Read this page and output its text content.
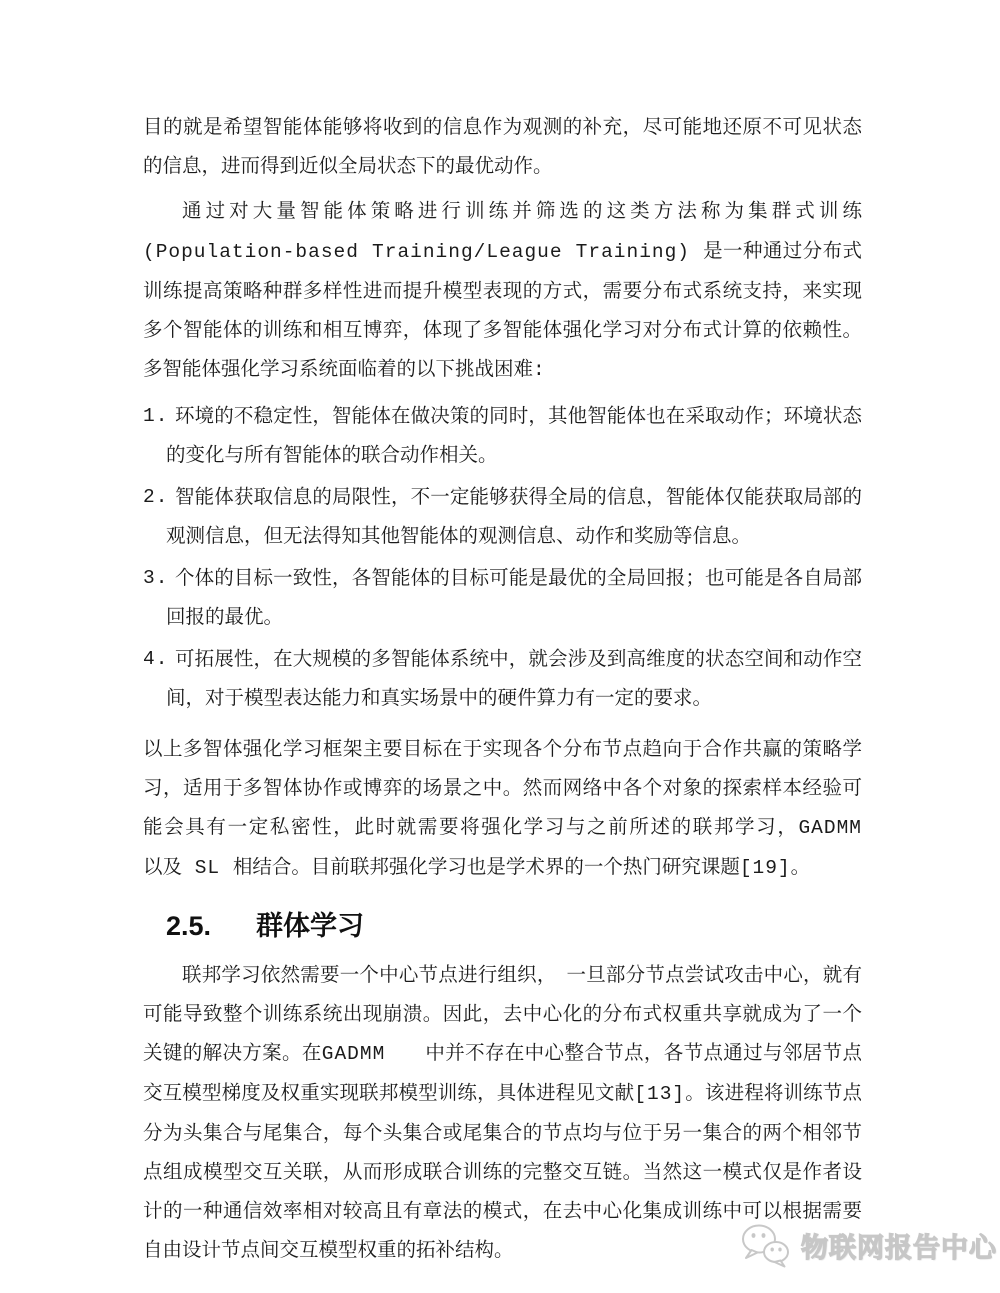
目的就是希望智能体能够将收到的信息作为观测的补充，尽可能地还原不可见状态的信息，进而得到近似全局状态下的最优动作。

通过对大量智能体策略进行训练并筛选的这类方法称为集群式训练 (Population-based Training/League Training) 是一种通过分布式训练提高策略种群多样性进而提升模型表现的方式，需要分布式系统支持，来实现多个智能体的训练和相互博弈，体现了多智能体强化学习对分布式计算的依赖性。多智能体强化学习系统面临着的以下挑战困难:

1. 环境的不稳定性，智能体在做决策的同时，其他智能体也在采取动作；环境状态的变化与所有智能体的联合动作相关。
2. 智能体获取信息的局限性，不一定能够获得全局的信息，智能体仅能获取局部的观测信息，但无法得知其他智能体的观测信息、动作和奖励等信息。
3. 个体的目标一致性，各智能体的目标可能是最优的全局回报；也可能是各自局部回报的最优。
4. 可拓展性，在大规模的多智能体系统中，就会涉及到高维度的状态空间和动作空间，对于模型表达能力和真实场景中的硬件算力有一定的要求。

以上多智体强化学习框架主要目标在于实现各个分布节点趋向于合作共赢的策略学习，适用于多智体协作或博弈的场景之中。然而网络中各个对象的探索样本经验可能会具有一定私密性，此时就需要将强化学习与之前所述的联邦学习，GADMM　　以及 SL 相结合。目前联邦强化学习也是学术界的一个热门研究课题[19]。

2.5. 群体学习

联邦学习依然需要一个中心节点进行组织，　一旦部分节点尝试攻击中心，就有可能导致整个训练系统出现崩溃。因此，去中心化的分布式权重共享就成为了一个关键的解决方案。在GADMM　　中并不存在中心整合节点，各节点通过与邻居节点交互模型梯度及权重实现联邦模型训练，具体进程见文献[13]。该进程将训练节点分为头集合与尾集合，每个头集合或尾集合的节点均与位于另一集合的两个相邻节点组成模型交互关联，从而形成联合训练的完整交互链。当然这一模式仅是作者设计的一种通信效率相对较高且有章法的模式，在去中心化集成训练中可以根据需要自由设计节点间交互模型权重的拓补结构。	物联网报告中心
